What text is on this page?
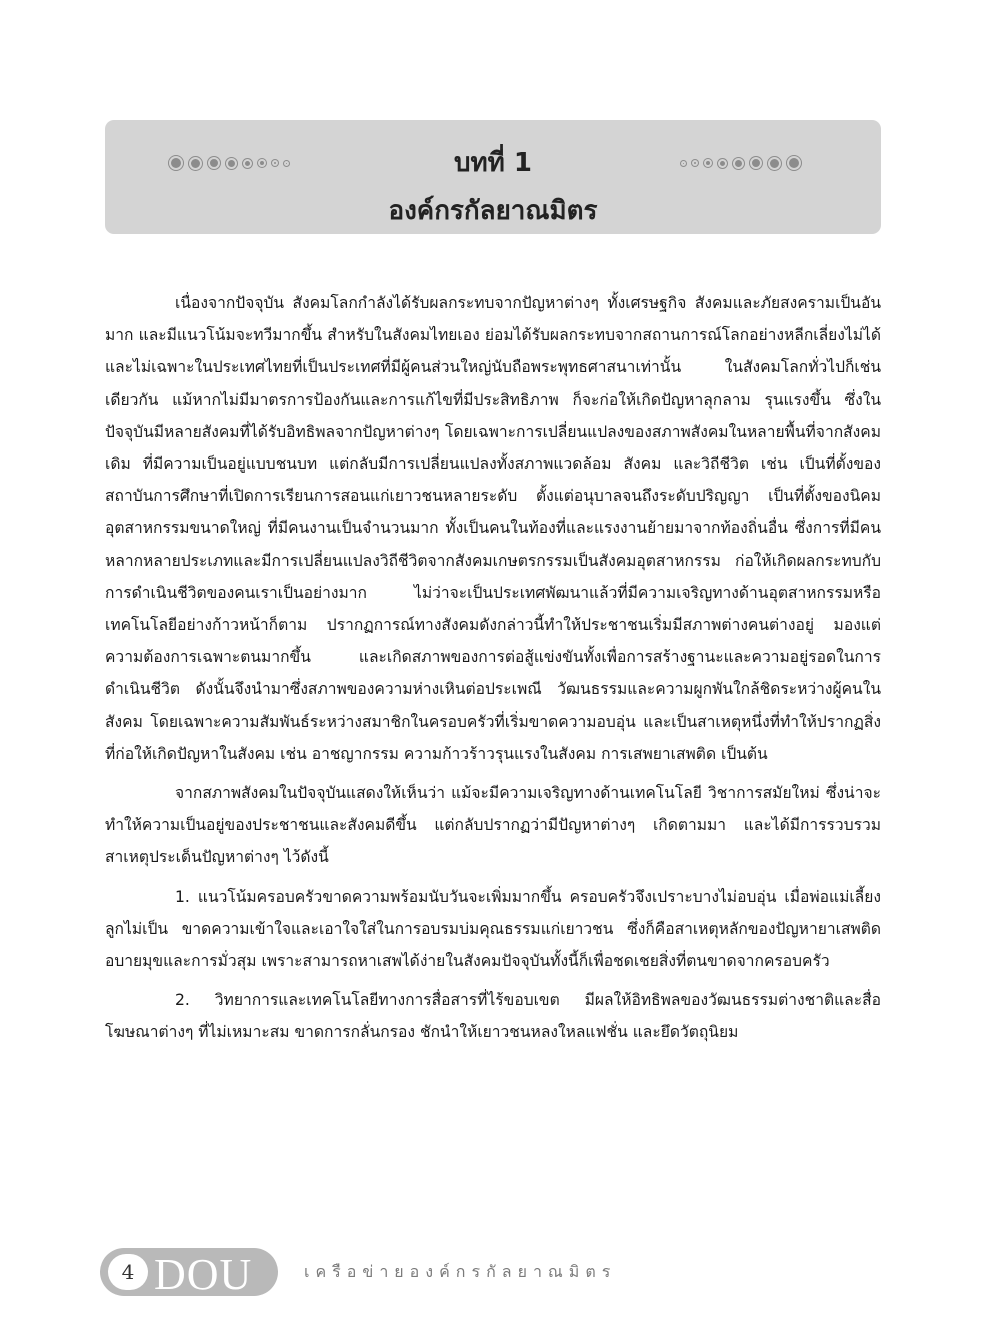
บทที่ 1
องค์กรกัลยาณมิตร

เนื่องจากปัจจุบัน สังคมโลกกำลังได้รับผลกระทบจากปัญหาต่างๆ ทั้งเศรษฐกิจ สังคมและภัยสงครามเป็นอันมาก และมีแนวโน้มจะทวีมากขึ้น สำหรับในสังคมไทยเอง ย่อมได้รับผลกระทบจากสถานการณ์โลกอย่างหลีกเลี่ยงไม่ได้ และไม่เฉพาะในประเทศไทยที่เป็นประเทศที่มีผู้คนส่วนใหญ่นับถือพระพุทธศาสนาเท่านั้น ในสังคมโลกทั่วไปก็เช่นเดียวกัน แม้หากไม่มีมาตรการป้องกันและการแก้ไขที่มีประสิทธิภาพ ก็จะก่อให้เกิดปัญหาลุกลาม รุนแรงขึ้น ซึ่งในปัจจุบันมีหลายสังคมที่ได้รับอิทธิพลจากปัญหาต่างๆ โดยเฉพาะการเปลี่ยนแปลงของสภาพสังคมในหลายพื้นที่จากสังคมเดิม ที่มีความเป็นอยู่แบบชนบท แต่กลับมีการเปลี่ยนแปลงทั้งสภาพแวดล้อม สังคม และวิถีชีวิต เช่น เป็นที่ตั้งของสถาบันการศึกษาที่เปิดการเรียนการสอนแก่เยาวชนหลายระดับ ตั้งแต่อนุบาลจนถึงระดับปริญญา เป็นที่ตั้งของนิคมอุตสาหกรรมขนาดใหญ่ ที่มีคนงานเป็นจำนวนมาก ทั้งเป็นคนในท้องที่และแรงงานย้ายมาจากท้องถิ่นอื่น ซึ่งการที่มีคนหลากหลายประเภทและมีการเปลี่ยนแปลงวิถีชีวิตจากสังคมเกษตรกรรมเป็นสังคมอุตสาหกรรม ก่อให้เกิดผลกระทบกับการดำเนินชีวิตของคนเราเป็นอย่างมาก ไม่ว่าจะเป็นประเทศพัฒนาแล้วที่มีความเจริญทางด้านอุตสาหกรรมหรือเทคโนโลยีอย่างก้าวหน้าก็ตาม ปรากฏการณ์ทางสังคมดังกล่าวนี้ทำให้ประชาชนเริ่มมีสภาพต่างคนต่างอยู่ มองแต่ความต้องการเฉพาะตนมากขึ้น และเกิดสภาพของการต่อสู้แข่งขันทั้งเพื่อการสร้างฐานะและความอยู่รอดในการดำเนินชีวิต ดังนั้นจึงนำมาซึ่งสภาพของความห่างเหินต่อประเพณี วัฒนธรรมและความผูกพันใกล้ชิดระหว่างผู้คนในสังคม โดยเฉพาะความสัมพันธ์ระหว่างสมาชิกในครอบครัวที่เริ่มขาดความอบอุ่น และเป็นสาเหตุหนึ่งที่ทำให้ปรากฏสิ่งที่ก่อให้เกิดปัญหาในสังคม เช่น อาชญากรรม ความก้าวร้าวรุนแรงในสังคม การเสพยาเสพติด เป็นต้น

จากสภาพสังคมในปัจจุบันแสดงให้เห็นว่า แม้จะมีความเจริญทางด้านเทคโนโลยี วิชาการสมัยใหม่ ซึ่งน่าจะทำให้ความเป็นอยู่ของประชาชนและสังคมดีขึ้น แต่กลับปรากฏว่ามีปัญหาต่างๆ เกิดตามมา และได้มีการรวบรวมสาเหตุประเด็นปัญหาต่างๆ ไว้ดังนี้

1. แนวโน้มครอบครัวขาดความพร้อมนับวันจะเพิ่มมากขึ้น ครอบครัวจึงเปราะบางไม่อบอุ่น เมื่อพ่อแม่เลี้ยงลูกไม่เป็น ขาดความเข้าใจและเอาใจใส่ในการอบรมบ่มคุณธรรมแก่เยาวชน ซึ่งก็คือสาเหตุหลักของปัญหายาเสพติด อบายมุขและการมั่วสุม เพราะสามารถหาเสพได้ง่ายในสังคมปัจจุบันทั้งนี้ก็เพื่อชดเชยสิ่งที่ตนขาดจากครอบครัว

2. วิทยาการและเทคโนโลยีทางการสื่อสารที่ไร้ขอบเขต มีผลให้อิทธิพลของวัฒนธรรมต่างชาติและสื่อโฆษณาต่างๆ ที่ไม่เหมาะสม ขาดการกลั่นกรอง ชักนำให้เยาวชนหลงใหลแฟชั่น และยึดวัตถุนิยม

4 DOU	เครือข่ายองค์กรกัลยาณมิตร
